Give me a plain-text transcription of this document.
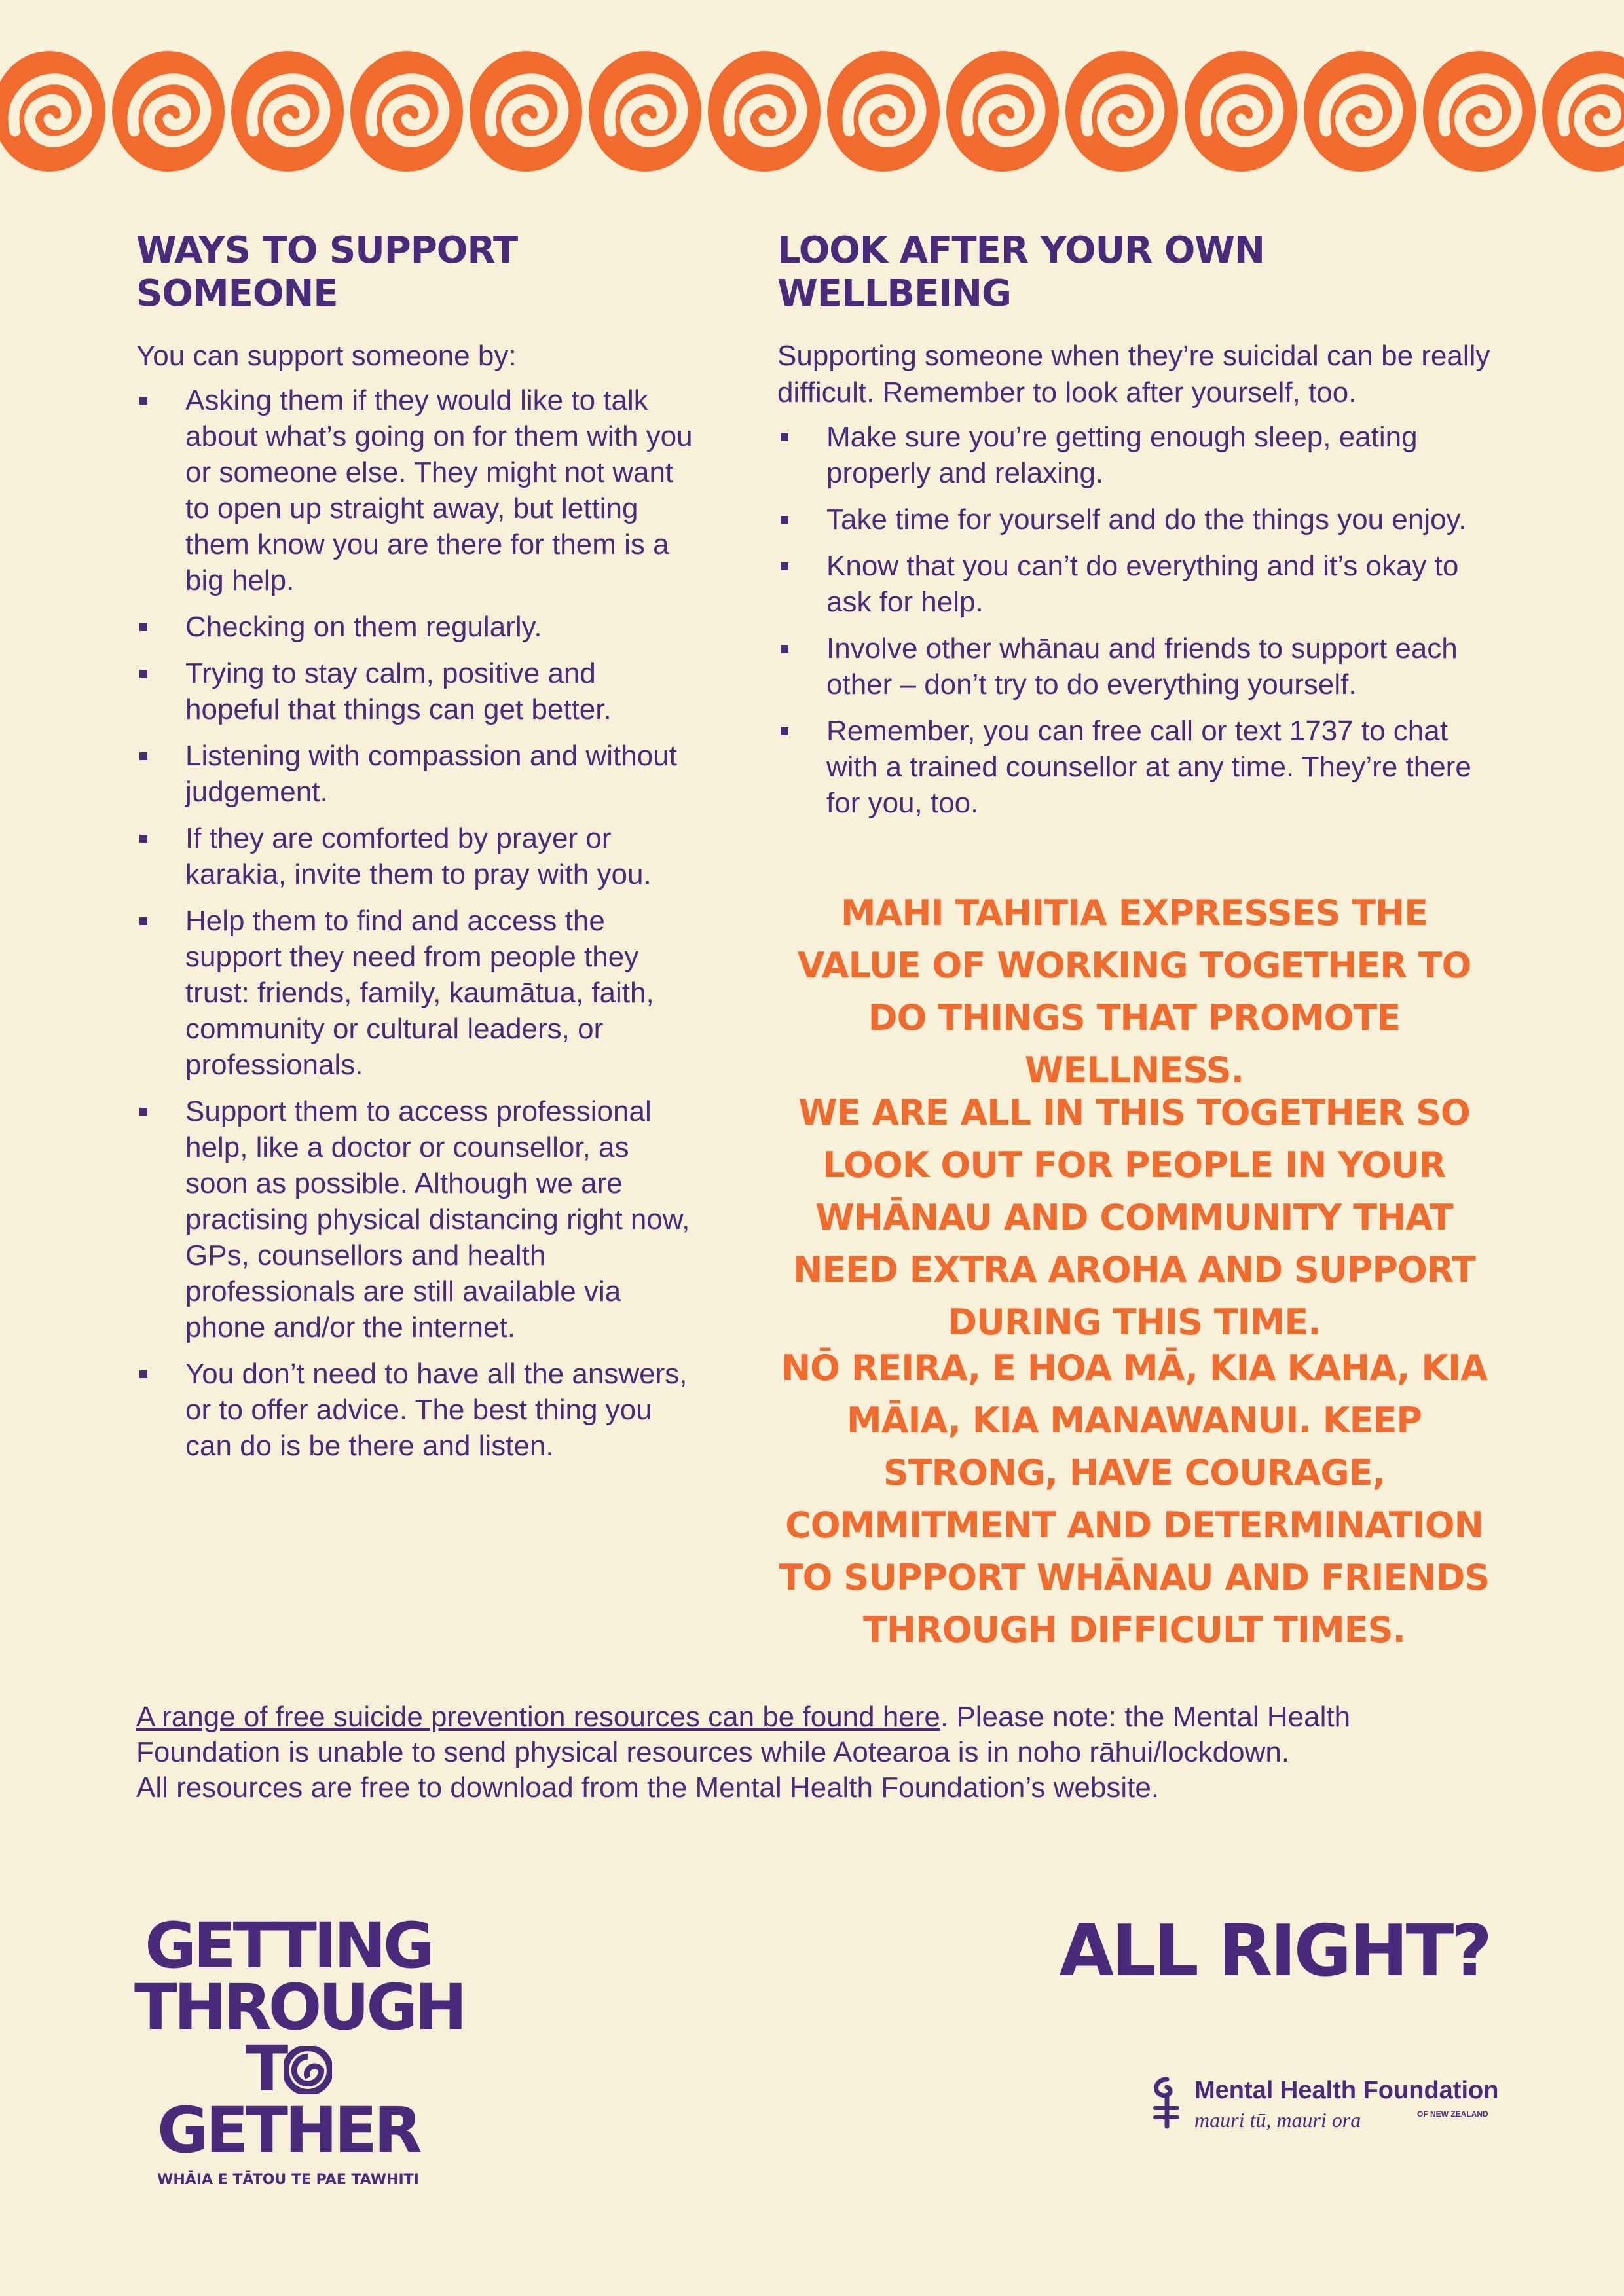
WAYS TO SUPPORT SOMEONE

You can support someone by:

Asking them if they would like to talk about what’s going on for them with you or someone else. They might not want to open up straight away, but letting them know you are there for them is a big help.
Checking on them regularly.
Trying to stay calm, positive and hopeful that things can get better.
Listening with compassion and without judgement.
If they are comforted by prayer or karakia, invite them to pray with you.
Help them to find and access the support they need from people they trust: friends, family, kaumātua, faith, community or cultural leaders, or professionals.
Support them to access professional help, like a doctor or counsellor, as soon as possible. Although we are practising physical distancing right now, GPs, counsellors and health professionals are still available via phone and/or the internet.
You don’t need to have all the answers, or to offer advice. The best thing you can do is be there and listen.
LOOK AFTER YOUR OWN WELLBEING

Supporting someone when they’re suicidal can be really difficult. Remember to look after yourself, too.

Make sure you’re getting enough sleep, eating properly and relaxing.
Take time for yourself and do the things you enjoy.
Know that you can’t do everything and it’s okay to ask for help.
Involve other whānau and friends to support each other – don’t try to do everything yourself.
Remember, you can free call or text 1737 to chat with a trained counsellor at any time. They’re there for you, too.
MAHI TAHITIA EXPRESSES THE VALUE OF WORKING TOGETHER TO DO THINGS THAT PROMOTE WELLNESS.
WE ARE ALL IN THIS TOGETHER SO LOOK OUT FOR PEOPLE IN YOUR WHĀNAU AND COMMUNITY THAT NEED EXTRA AROHA AND SUPPORT DURING THIS TIME.
NŌ REIRA, E HOA MĀ, KIA KAHA, KIA MĀIA, KIA MANAWANUI. KEEP STRONG, HAVE COURAGE, COMMITMENT AND DETERMINATION TO SUPPORT WHĀNAU AND FRIENDS THROUGH DIFFICULT TIMES.
A range of free suicide prevention resources can be found here. Please note: the Mental Health
Foundation is unable to send physical resources while Aotearoa is in noho rāhui/lockdown.
All resources are free to download from the Mental Health Foundation’s website.
GETTING
THROUGH
TGETHER
WHĀIA E TĀTOU TE PAE TAWHITI
ALL RIGHT?
Mental Health Foundation
mauri tū, mauri ora	OF NEW ZEALAND
